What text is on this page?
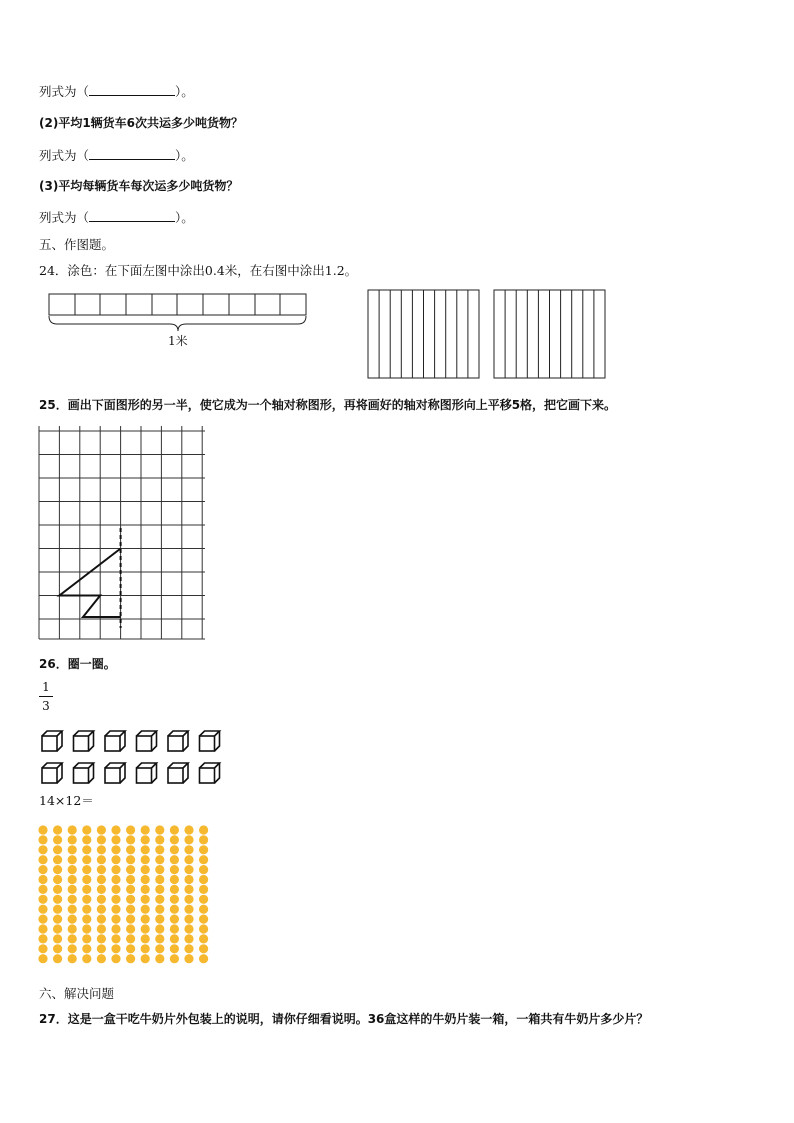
列式为（	）。
(2)平均1辆货车6次共运多少吨货物？
列式为（	）。
(3)平均每辆货车每次运多少吨货物？
列式为（	）。
五、作图题。
24．涂色：在下面左图中涂出0.4米，在右图中涂出1.2。
1米
25．画出下面图形的另一半，使它成为一个轴对称图形，再将画好的轴对称图形向上平移5格，把它画下来。
26．圈一圈。
1
3
14×12＝
六、解决问题
27．这是一盒干吃牛奶片外包装上的说明，请你仔细看说明。36盒这样的牛奶片装一箱，一箱共有牛奶片多少片？
